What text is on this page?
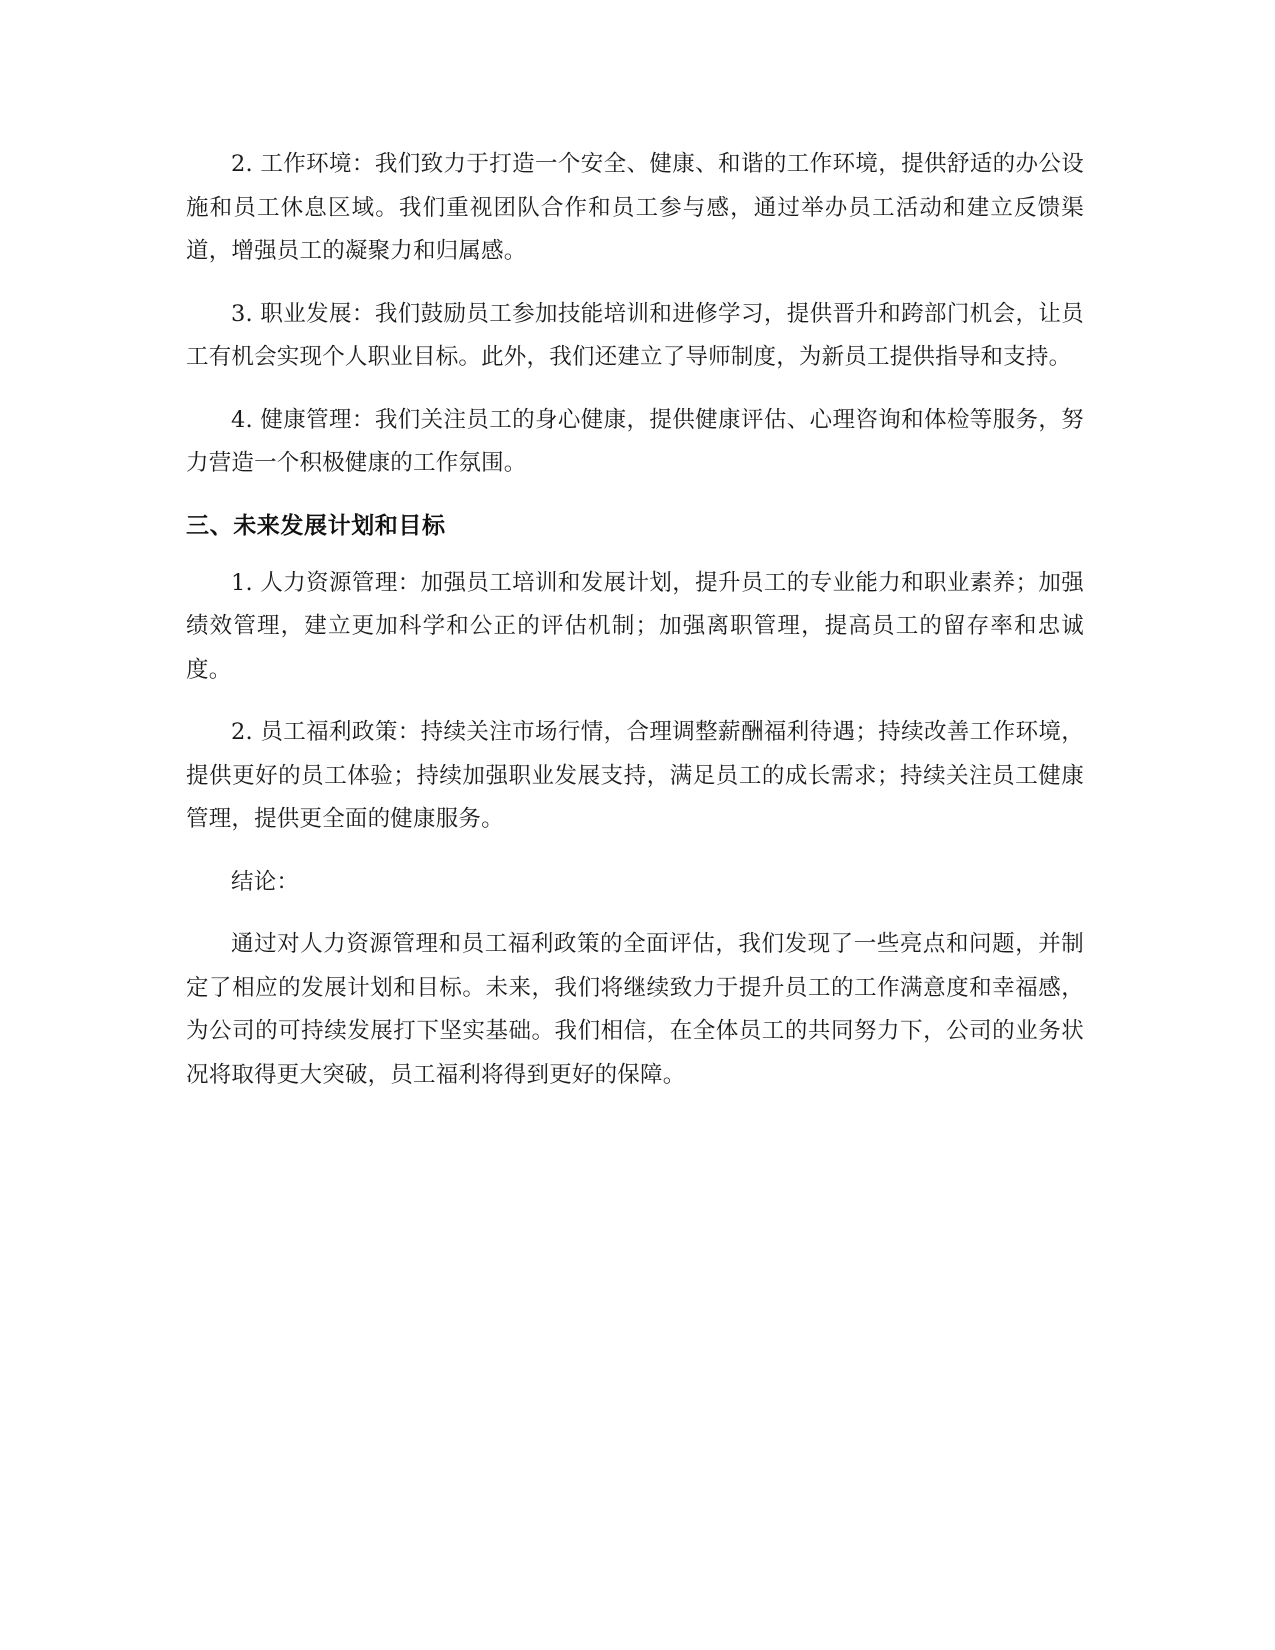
2. 工作环境：我们致力于打造一个安全、健康、和谐的工作环境，提供舒适的办公设施和员工休息区域。我们重视团队合作和员工参与感，通过举办员工活动和建立反馈渠道，增强员工的凝聚力和归属感。

3. 职业发展：我们鼓励员工参加技能培训和进修学习，提供晋升和跨部门机会，让员工有机会实现个人职业目标。此外，我们还建立了导师制度，为新员工提供指导和支持。

4. 健康管理：我们关注员工的身心健康，提供健康评估、心理咨询和体检等服务，努力营造一个积极健康的工作氛围。

三、未来发展计划和目标

1. 人力资源管理：加强员工培训和发展计划，提升员工的专业能力和职业素养；加强绩效管理，建立更加科学和公正的评估机制；加强离职管理，提高员工的留存率和忠诚度。

2. 员工福利政策：持续关注市场行情，合理调整薪酬福利待遇；持续改善工作环境，提供更好的员工体验；持续加强职业发展支持，满足员工的成长需求；持续关注员工健康管理，提供更全面的健康服务。

结论：

通过对人力资源管理和员工福利政策的全面评估，我们发现了一些亮点和问题，并制定了相应的发展计划和目标。未来，我们将继续致力于提升员工的工作满意度和幸福感，为公司的可持续发展打下坚实基础。我们相信，在全体员工的共同努力下，公司的业务状况将取得更大突破，员工福利将得到更好的保障。
